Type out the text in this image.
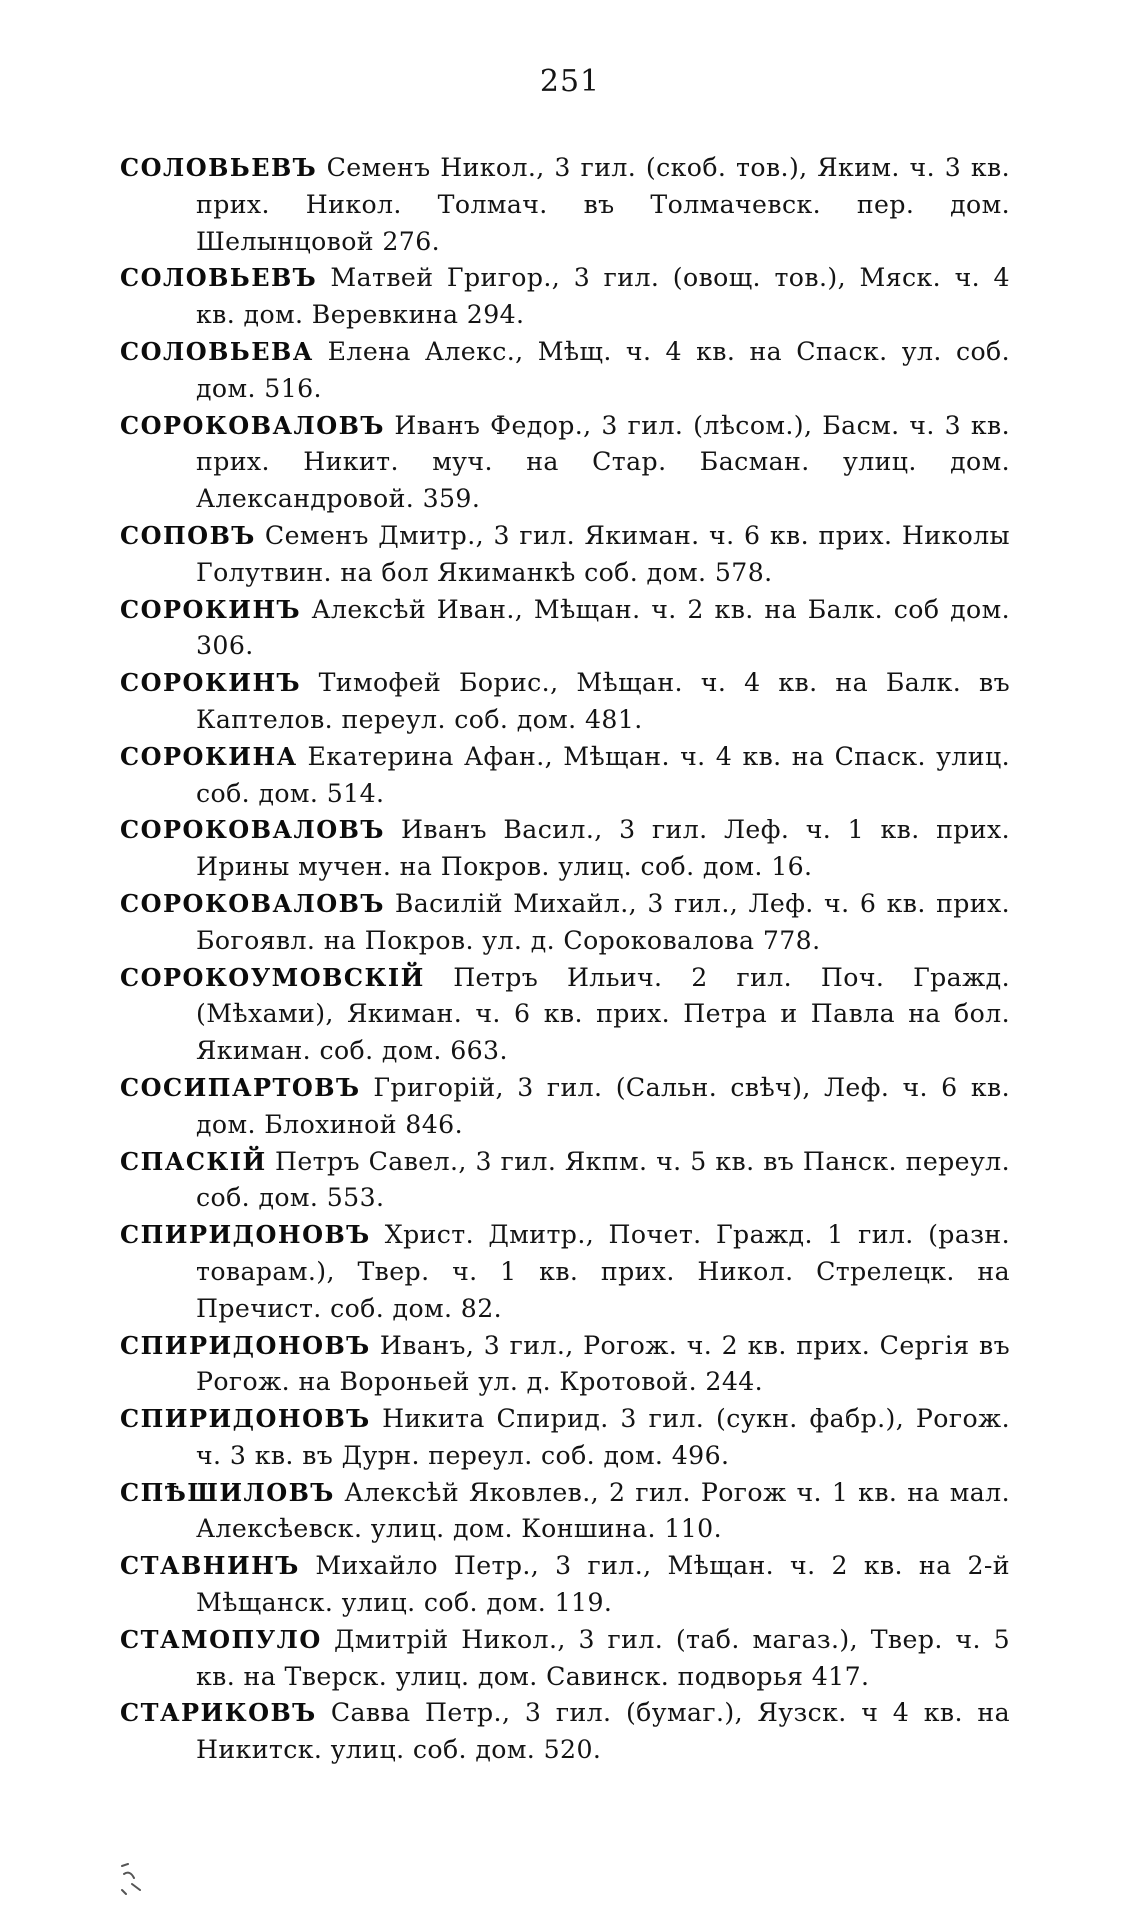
251

СОЛОВЬЕВЪ Семенъ Никол., 3 гил. (скоб. тов.), Яким. ч. 3 кв. прих. Никол. Толмач. въ Толмачевск. пер. дом. Шелынцовой 276.

СОЛОВЬЕВЪ Матвей Григор., 3 гил. (овощ. тов.), Мяск. ч. 4 кв. дом. Веревкина 294.

СОЛОВЬЕВА Елена Алекс., Мѣщ. ч. 4 кв. на Спаск. ул. соб. дом. 516.

СОРОКОВАЛОВЪ Иванъ Федор., 3 гил. (лѣсом.), Басм. ч. 3 кв. прих. Никит. муч. на Стар. Басман. улиц. дом. Александровой. 359.

СОПОВЪ Семенъ Дмитр., 3 гил. Якиман. ч. 6 кв. прих. Николы Голутвин. на бол Якиманкѣ соб. дом. 578.

СОРОКИНЪ Алексѣй Иван., Мѣщан. ч. 2 кв. на Балк. соб дом. 306.

СОРОКИНЪ Тимофей Борис., Мѣщан. ч. 4 кв. на Балк. въ Каптелов. переул. соб. дом. 481.

СОРОКИНА Екатерина Афан., Мѣщан. ч. 4 кв. на Спаск. улиц. соб. дом. 514.

СОРОКОВАЛОВЪ Иванъ Васил., 3 гил. Леф. ч. 1 кв. прих. Ирины мучен. на Покров. улиц. соб. дом. 16.

СОРОКОВАЛОВЪ Василій Михайл., 3 гил., Леф. ч. 6 кв. прих. Богоявл. на Покров. ул. д. Сороковалова 778.

СОРОКОУМОВСКІЙ Петръ Ильич. 2 гил. Поч. Гражд. (Мѣхами), Якиман. ч. 6 кв. прих. Петра и Павла на бол. Якиман. соб. дом. 663.

СОСИПАРТОВЪ Григорій, 3 гил. (Сальн. свѣч), Леф. ч. 6 кв. дом. Блохиной 846.

СПАСКІЙ Петръ Савел., 3 гил. Якпм. ч. 5 кв. въ Панск. переул. соб. дом. 553.

СПИРИДОНОВЪ Христ. Дмитр., Почет. Гражд. 1 гил. (разн. товарам.), Твер. ч. 1 кв. прих. Никол. Стрелецк. на Пречист. соб. дом. 82.

СПИРИДОНОВЪ Иванъ, 3 гил., Рогож. ч. 2 кв. прих. Сергія въ Рогож. на Вороньей ул. д. Кротовой. 244.

СПИРИДОНОВЪ Никита Спирид. 3 гил. (сукн. фабр.), Рогож. ч. 3 кв. въ Дурн. переул. соб. дом. 496.

СПѢШИЛОВЪ Алексѣй Яковлев., 2 гил. Рогож ч. 1 кв. на мал. Алексѣевск. улиц. дом. Коншина. 110.

СТАВНИНЪ Михайло Петр., 3 гил., Мѣщан. ч. 2 кв. на 2-й Мѣщанск. улиц. соб. дом. 119.

СТАМОПУЛО Дмитрій Никол., 3 гил. (таб. магаз.), Твер. ч. 5 кв. на Тверск. улиц. дом. Савинск. подворья 417.

СТАРИКОВЪ Савва Петр., 3 гил. (бумаг.), Яузск. ч 4 кв. на Никитск. улиц. соб. дом. 520.
